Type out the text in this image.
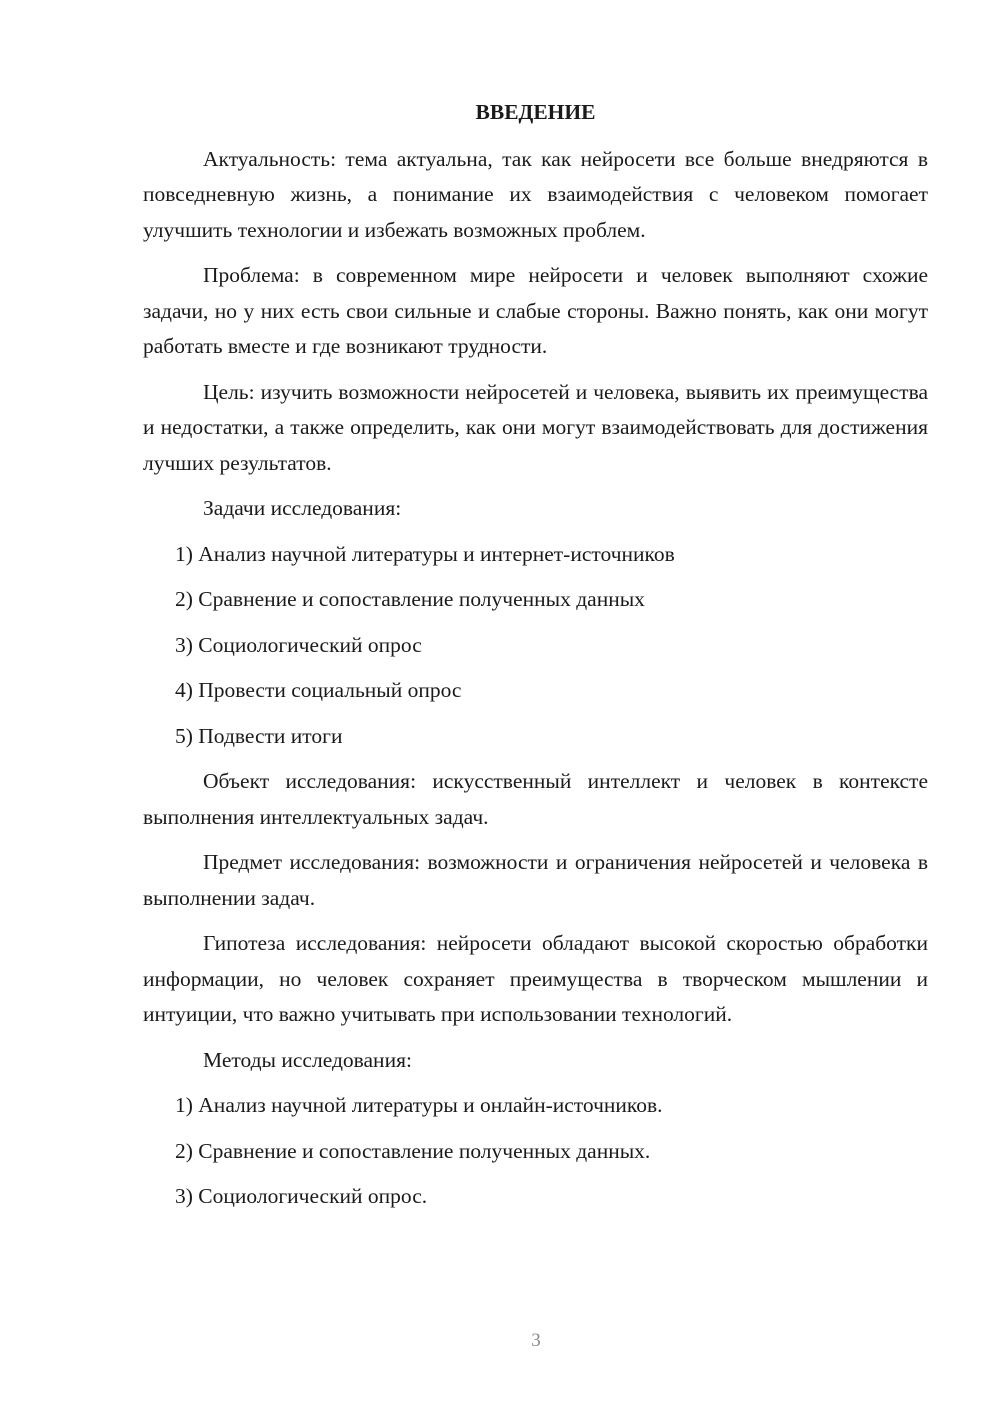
ВВЕДЕНИЕ

Актуальность: тема актуальна, так как нейросети все больше внедряются в повседневную жизнь, а понимание их взаимодействия с человеком помогает улучшить технологии и избежать возможных проблем.

Проблема: в современном мире нейросети и человек выполняют схожие задачи, но у них есть свои сильные и слабые стороны. Важно понять, как они могут работать вместе и где возникают трудности.

Цель: изучить возможности нейросетей и человека, выявить их преимущества и недостатки, а также определить, как они могут взаимодействовать для достижения лучших результатов.

Задачи исследования:

1) Анализ научной литературы и интернет-источников

2) Сравнение и сопоставление полученных данных

3) Социологический опрос

4) Провести социальный опрос

5) Подвести итоги

Объект исследования: искусственный интеллект и человек в контексте выполнения интеллектуальных задач.

Предмет исследования: возможности и ограничения нейросетей и человека в выполнении задач.

Гипотеза исследования: нейросети обладают высокой скоростью обработки информации, но человек сохраняет преимущества в творческом мышлении и интуиции, что важно учитывать при использовании технологий.

Методы исследования:

1) Анализ научной литературы и онлайн-источников.

2) Сравнение и сопоставление полученных данных.

3) Социологический опрос.

3
